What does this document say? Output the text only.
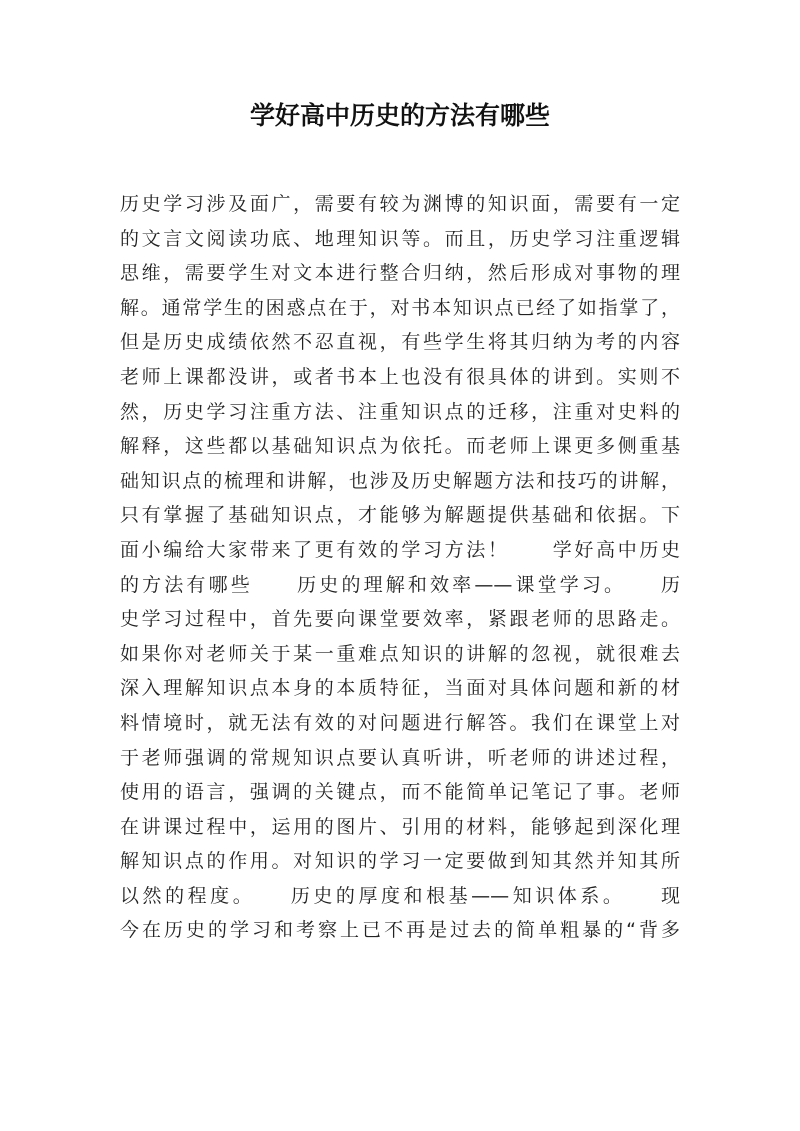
学好高中历史的方法有哪些
历史学习涉及面广，需要有较为渊博的知识面，需要有一定
的文言文阅读功底、地理知识等。而且，历史学习注重逻辑
思维，需要学生对文本进行整合归纳，然后形成对事物的理
解。通常学生的困惑点在于，对书本知识点已经了如指掌了，
但是历史成绩依然不忍直视，有些学生将其归纳为考的内容
老师上课都没讲，或者书本上也没有很具体的讲到。实则不
然，历史学习注重方法、注重知识点的迁移，注重对史料的
解释，这些都以基础知识点为依托。而老师上课更多侧重基
础知识点的梳理和讲解，也涉及历史解题方法和技巧的讲解，
只有掌握了基础知识点，才能够为解题提供基础和依据。下
面小编给大家带来了更有效的学习方法！　　学好高中历史
的方法有哪些　　历史的理解和效率——课堂学习。　　历
史学习过程中，首先要向课堂要效率，紧跟老师的思路走。
如果你对老师关于某一重难点知识的讲解的忽视，就很难去
深入理解知识点本身的本质特征，当面对具体问题和新的材
料情境时，就无法有效的对问题进行解答。我们在课堂上对
于老师强调的常规知识点要认真听讲，听老师的讲述过程，
使用的语言，强调的关键点，而不能简单记笔记了事。老师
在讲课过程中，运用的图片、引用的材料，能够起到深化理
解知识点的作用。对知识的学习一定要做到知其然并知其所
以然的程度。　　历史的厚度和根基——知识体系。　　现
今在历史的学习和考察上已不再是过去的简单粗暴的“背多
